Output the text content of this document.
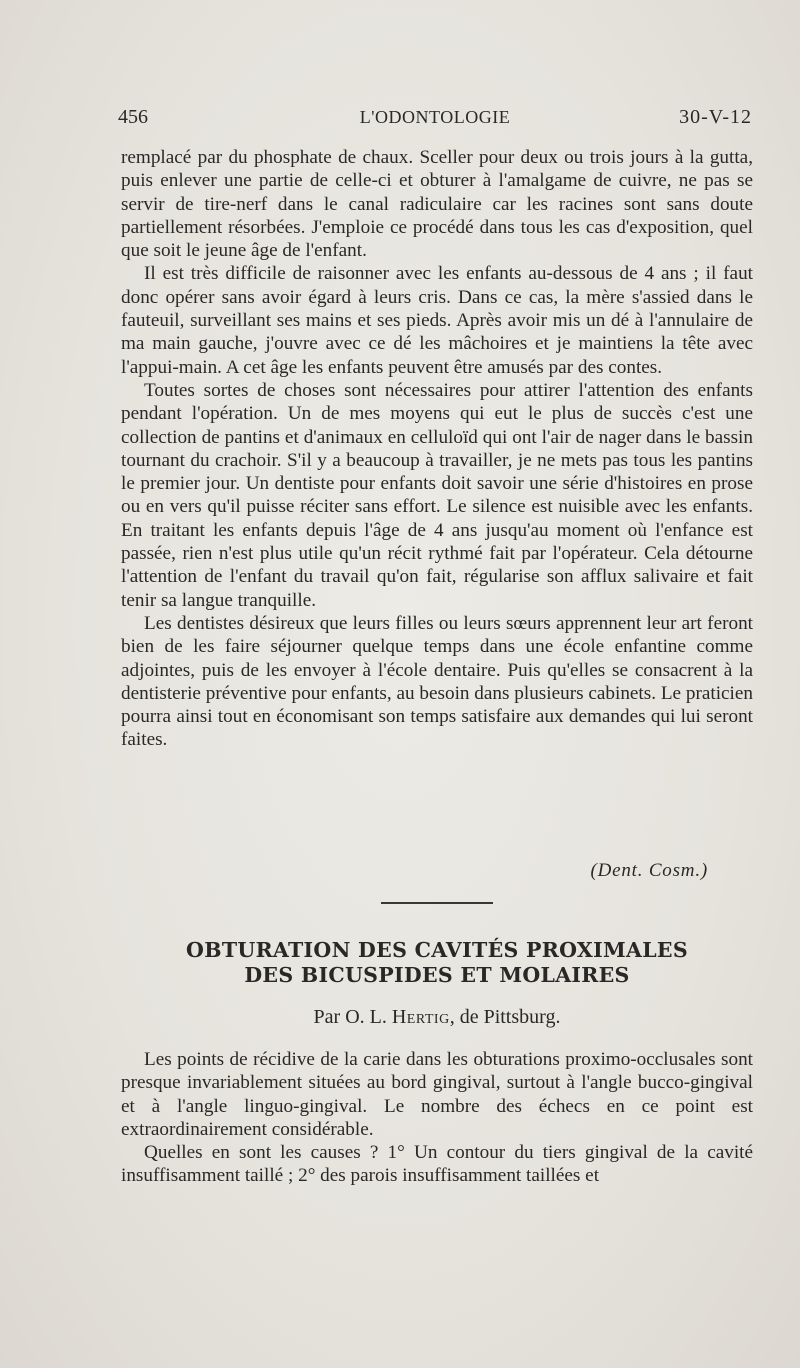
456	L'ODONTOLOGIE	30-V-12

remplacé par du phosphate de chaux. Sceller pour deux ou trois jours à la gutta, puis enlever une partie de celle-ci et obturer à l'amalgame de cuivre, ne pas se servir de tire-nerf dans le canal radiculaire car les racines sont sans doute partiellement résorbées. J'emploie ce procédé dans tous les cas d'exposition, quel que soit le jeune âge de l'enfant.

Il est très difficile de raisonner avec les enfants au-dessous de 4 ans ; il faut donc opérer sans avoir égard à leurs cris. Dans ce cas, la mère s'assied dans le fauteuil, surveillant ses mains et ses pieds. Après avoir mis un dé à l'annulaire de ma main gauche, j'ouvre avec ce dé les mâchoires et je maintiens la tête avec l'appui-main. A cet âge les enfants peuvent être amusés par des contes.

Toutes sortes de choses sont nécessaires pour attirer l'attention des enfants pendant l'opération. Un de mes moyens qui eut le plus de succès c'est une collection de pantins et d'animaux en celluloïd qui ont l'air de nager dans le bassin tournant du crachoir. S'il y a beaucoup à travailler, je ne mets pas tous les pantins le premier jour. Un dentiste pour enfants doit savoir une série d'histoires en prose ou en vers qu'il puisse réciter sans effort. Le silence est nuisible avec les enfants. En traitant les enfants depuis l'âge de 4 ans jusqu'au moment où l'enfance est passée, rien n'est plus utile qu'un récit rythmé fait par l'opérateur. Cela détourne l'attention de l'enfant du travail qu'on fait, régularise son afflux salivaire et fait tenir sa langue tranquille.

Les dentistes désireux que leurs filles ou leurs sœurs apprennent leur art feront bien de les faire séjourner quelque temps dans une école enfantine comme adjointes, puis de les envoyer à l'école dentaire. Puis qu'elles se consacrent à la dentisterie préventive pour enfants, au besoin dans plusieurs cabinets. Le praticien pourra ainsi tout en économisant son temps satisfaire aux demandes qui lui seront faites.

(Dent. Cosm.)
OBTURATION DES CAVITÉS PROXIMALES
DES BICUSPIDES ET MOLAIRES
Par O. L. Hertig, de Pittsburg.

Les points de récidive de la carie dans les obturations proximo-occlusales sont presque invariablement situées au bord gingival, surtout à l'angle bucco-gingival et à l'angle linguo-gingival. Le nombre des échecs en ce point est extraordinairement considérable.

Quelles en sont les causes ? 1° Un contour du tiers gingival de la cavité insuffisamment taillé ; 2° des parois insuffisamment taillées et
